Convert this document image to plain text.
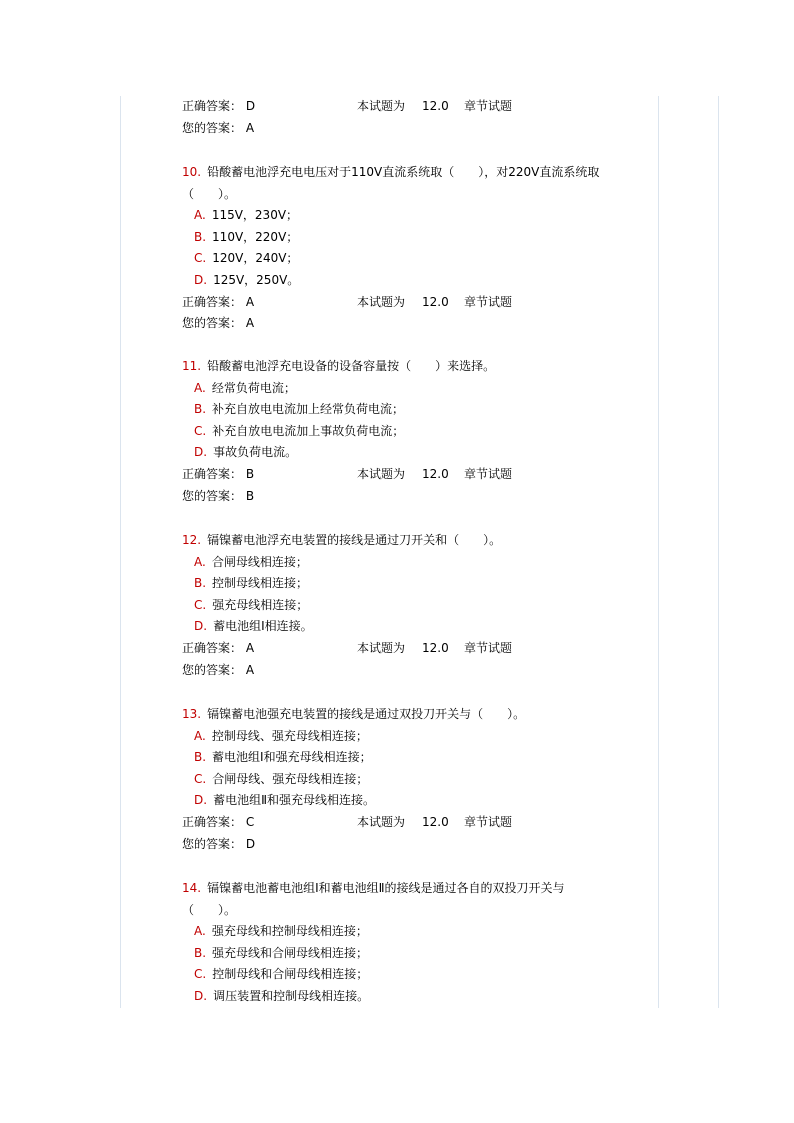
正确答案： D	本试题为	12.0	章节试题
您的答案： A
10. 铅酸蓄电池浮充电电压对于110V直流系统取（　　），对220V直流系统取
（　　）。
A. 115V，230V；
B. 110V，220V；
C. 120V，240V；
D. 125V，250V。
正确答案： A	本试题为	12.0	章节试题
您的答案： A
11. 铅酸蓄电池浮充电设备的设备容量按（　　）来选择。
A. 经常负荷电流；
B. 补充自放电电流加上经常负荷电流；
C. 补充自放电电流加上事故负荷电流；
D. 事故负荷电流。
正确答案： B	本试题为	12.0	章节试题
您的答案： B
12. 镉镍蓄电池浮充电装置的接线是通过刀开关和（　　）。
A. 合闸母线相连接；
B. 控制母线相连接；
C. 强充母线相连接；
D. 蓄电池组Ⅰ相连接。
正确答案： A	本试题为	12.0	章节试题
您的答案： A
13. 镉镍蓄电池强充电装置的接线是通过双投刀开关与（　　）。
A. 控制母线、强充母线相连接；
B. 蓄电池组Ⅰ和强充母线相连接；
C. 合闸母线、强充母线相连接；
D. 蓄电池组Ⅱ和强充母线相连接。
正确答案： C	本试题为	12.0	章节试题
您的答案： D
14. 镉镍蓄电池蓄电池组Ⅰ和蓄电池组Ⅱ的接线是通过各自的双投刀开关与
（　　）。
A. 强充母线和控制母线相连接；
B. 强充母线和合闸母线相连接；
C. 控制母线和合闸母线相连接；
D. 调压装置和控制母线相连接。
